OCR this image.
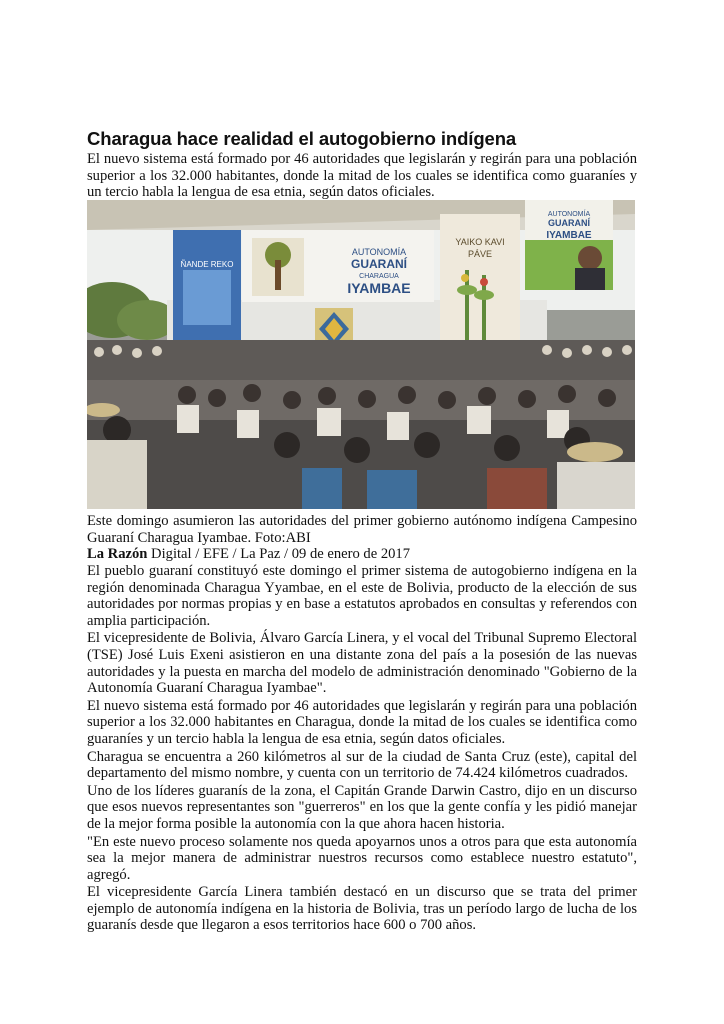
Charagua hace realidad el autogobierno indígena

El nuevo sistema está formado por 46 autoridades que legislarán y regirán para una población superior a los 32.000 habitantes, donde la mitad de los cuales se identifica como guaraníes y un tercio habla la lengua de esa etnia, según datos oficiales.

ÑANDE REKO
AUTONOMÍA
GUARANÍ
CHARAGUA
IYAMBAE
YAIKO KAVI
PÁVE
AUTONOMÍA
GUARANÍ
IYAMBAE

Este domingo asumieron las autoridades del primer gobierno autónomo indígena Campesino Guaraní Charagua Iyambae. Foto:ABI

La Razón Digital / EFE / La Paz / 09 de enero de 2017

El pueblo guaraní constituyó este domingo el primer sistema de autogobierno indígena en la región denominada Charagua Yyambae, en el este de Bolivia, producto de la elección de sus autoridades por normas propias y en base a estatutos aprobados en consultas y referendos con amplia participación.

El vicepresidente de Bolivia, Álvaro García Linera, y el vocal del Tribunal Supremo Electoral (TSE) José Luis Exeni asistieron en una distante zona del país a la posesión de las nuevas autoridades y la puesta en marcha del modelo de administración denominado "Gobierno de la Autonomía Guaraní Charagua Iyambae".

El nuevo sistema está formado por 46 autoridades que legislarán y regirán para una población superior a los 32.000 habitantes en Charagua, donde la mitad de los cuales se identifica como guaraníes y un tercio habla la lengua de esa etnia, según datos oficiales.

Charagua se encuentra a 260 kilómetros al sur de la ciudad de Santa Cruz (este), capital del departamento del mismo nombre, y cuenta con un territorio de 74.424 kilómetros cuadrados.

Uno de los líderes guaranís de la zona, el Capitán Grande Darwin Castro, dijo en un discurso que esos nuevos representantes son "guerreros" en los que la gente confía y les pidió manejar de la mejor forma posible la autonomía con la que ahora hacen historia.

"En este nuevo proceso solamente nos queda apoyarnos unos a otros para que esta autonomía sea la mejor manera de administrar nuestros recursos como establece nuestro estatuto", agregó.

El vicepresidente García Linera también destacó en un discurso que se trata del primer ejemplo de autonomía indígena en la historia de Bolivia, tras un período largo de lucha de los guaranís desde que llegaron a esos territorios hace 600 o 700 años.
